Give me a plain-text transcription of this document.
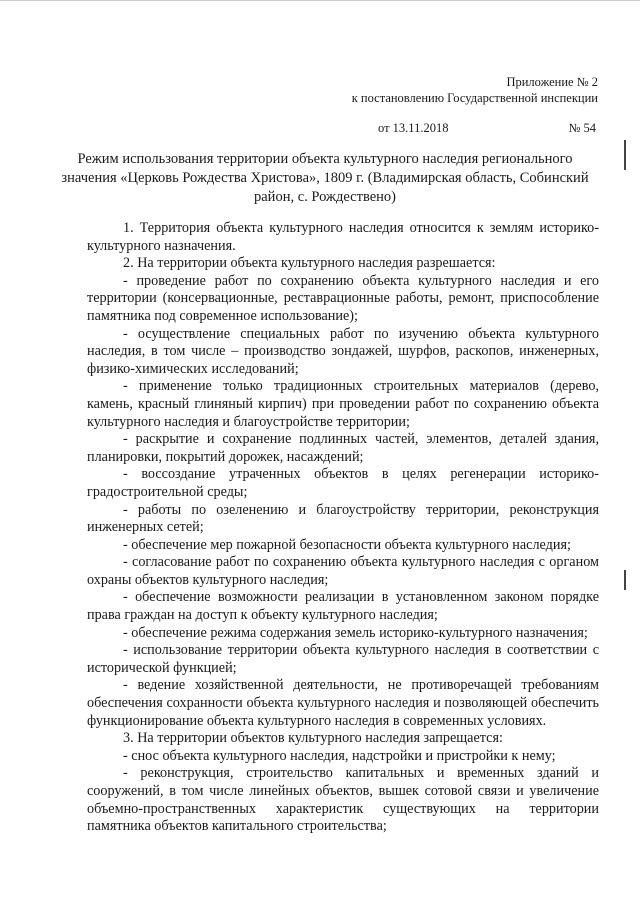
Приложение № 2
к постановлению Государственной инспекции
от 13.11.2018	№ 54
Режим использования территории объекта культурного наследия регионального значения «Церковь Рождества Христова», 1809 г. (Владимирская область, Собинский район, с. Рождествено)

1. Территория объекта культурного наследия относится к землям историко-культурного назначения.

2. На территории объекта культурного наследия разрешается:

- проведение работ по сохранению объекта культурного наследия и его территории (консервационные, реставрационные работы, ремонт, приспособление памятника под современное использование);

- осуществление специальных работ по изучению объекта культурного наследия, в том числе – производство зондажей, шурфов, раскопов, инженерных, физико-химических исследований;

- применение только традиционных строительных материалов (дерево, камень, красный глиняный кирпич) при проведении работ по сохранению объекта культурного наследия и благоустройстве территории;

- раскрытие и сохранение подлинных частей, элементов, деталей здания, планировки, покрытий дорожек, насаждений;

- воссоздание утраченных объектов в целях регенерации историко-градостроительной среды;

- работы по озеленению и благоустройству территории, реконструкция инженерных сетей;

- обеспечение мер пожарной безопасности объекта культурного наследия;

- согласование работ по сохранению объекта культурного наследия с органом охраны объектов культурного наследия;

- обеспечение возможности реализации в установленном законом порядке права граждан на доступ к объекту культурного наследия;

- обеспечение режима содержания земель историко-культурного назначения;

- использование территории объекта культурного наследия в соответствии с исторической функцией;

- ведение хозяйственной деятельности, не противоречащей требованиям обеспечения сохранности объекта культурного наследия и позволяющей обеспечить функционирование объекта культурного наследия в современных условиях.

3. На территории объектов культурного наследия запрещается:

- снос объекта культурного наследия, надстройки и пристройки к нему;

- реконструкция, строительство капитальных и временных зданий и сооружений, в том числе линейных объектов, вышек сотовой связи и увеличение объемно-пространственных характеристик существующих на территории памятника объектов капитального строительства;
